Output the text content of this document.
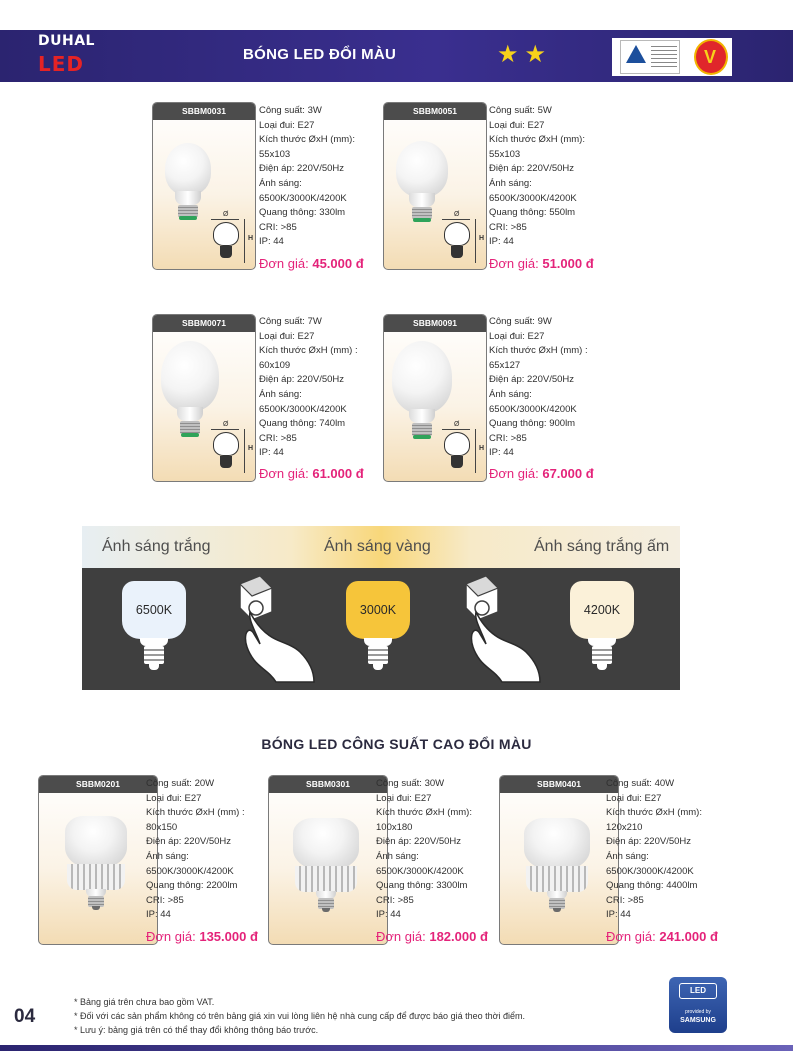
DUHAL
LED	BÓNG LED ĐỔI MÀU	★★	V
SBBM0031
Ø
H
Công suất: 3W
Loại đui: E27
Kích thước ØxH (mm):
55x103
Điện áp: 220V/50Hz
Ánh sáng:
6500K/3000K/4200K
Quang thông: 330lm
CRI: >85
IP: 44
Đơn giá: 45.000 đ
SBBM0051
Ø
H
Công suất: 5W
Loại đui: E27
Kích thước ØxH (mm):
55x103
Điện áp: 220V/50Hz
Ánh sáng:
6500K/3000K/4200K
Quang thông: 550lm
CRI: >85
IP: 44
Đơn giá: 51.000 đ
SBBM0071
Ø
H
Công suất: 7W
Loại đui: E27
Kích thước ØxH (mm) :
60x109
Điện áp: 220V/50Hz
Ánh sáng:
6500K/3000K/4200K
Quang thông: 740lm
CRI: >85
IP: 44
Đơn giá: 61.000 đ
SBBM0091
Ø
H
Công suất: 9W
Loại đui: E27
Kích thước ØxH (mm) :
65x127
Điện áp: 220V/50Hz
Ánh sáng:
6500K/3000K/4200K
Quang thông: 900lm
CRI: >85
IP: 44
Đơn giá: 67.000 đ
Ánh sáng trắng	Ánh sáng vàng	Ánh sáng trắng ấm
6500K	3000K	4200K
BÓNG LED CÔNG SUẤT CAO ĐỔI MÀU
SBBM0201	Công suất: 20W
Loại đui: E27
Kích thước ØxH (mm) :
80x150
Điện áp: 220V/50Hz
Ánh sáng:
6500K/3000K/4200K
Quang thông: 2200lm
CRI: >85
IP: 44
Đơn giá: 135.000 đ
SBBM0301	Công suất: 30W
Loại đui: E27
Kích thước ØxH (mm):
100x180
Điện áp: 220V/50Hz
Ánh sáng:
6500K/3000K/4200K
Quang thông: 3300lm
CRI: >85
IP: 44
Đơn giá: 182.000 đ
SBBM0401	Công suất: 40W
Loại đui: E27
Kích thước ØxH (mm):
120x210
Điện áp: 220V/50Hz
Ánh sáng:
6500K/3000K/4200K
Quang thông: 4400lm
CRI: >85
IP: 44
Đơn giá: 241.000 đ
04
* Bảng giá trên chưa bao gồm VAT.
* Đối với các sản phẩm không có trên bảng giá xin vui lòng liên hệ nhà cung cấp để được báo giá theo thời điểm.
* Lưu ý: bảng giá trên có thể thay đổi không thông báo trước.
LED
provided by
SAMSUNG
